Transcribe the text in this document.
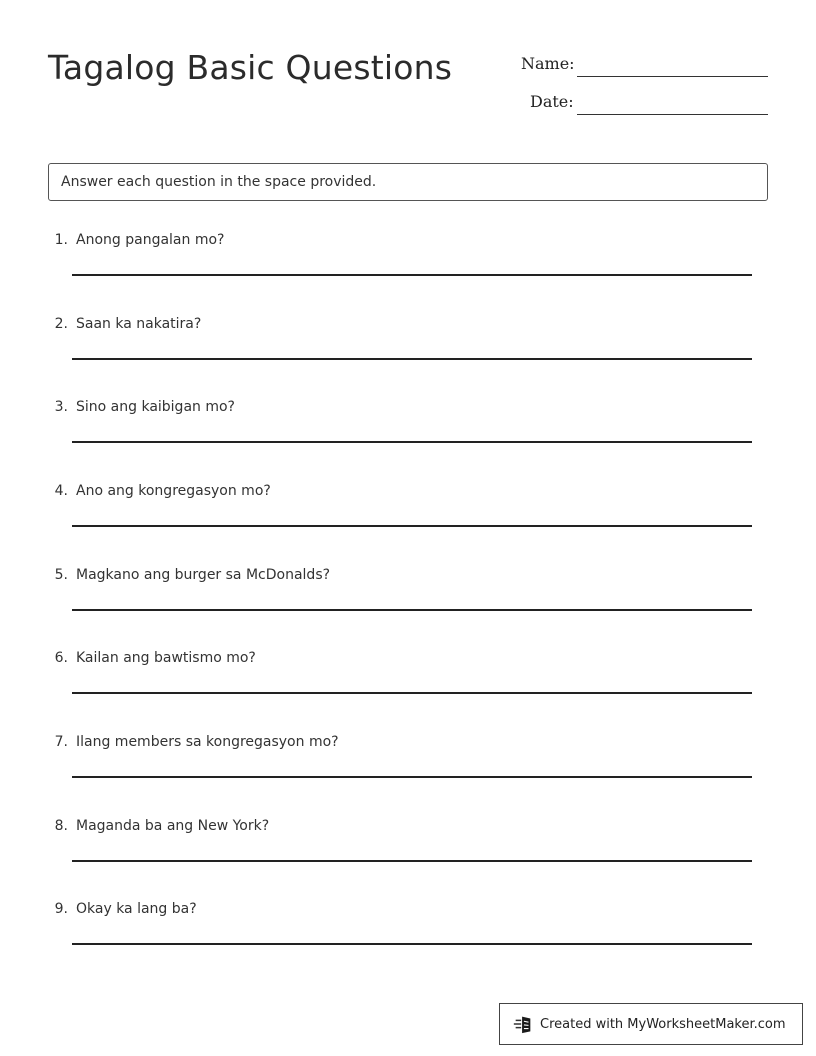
Tagalog Basic Questions	Name:
Date:
Answer each question in the space provided.
1. Anong pangalan mo?
2. Saan ka nakatira?
3. Sino ang kaibigan mo?
4. Ano ang kongregasyon mo?
5. Magkano ang burger sa McDonalds?
6. Kailan ang bawtismo mo?
7. Ilang members sa kongregasyon mo?
8. Maganda ba ang New York?
9. Okay ka lang ba?
Created with MyWorksheetMaker.com
